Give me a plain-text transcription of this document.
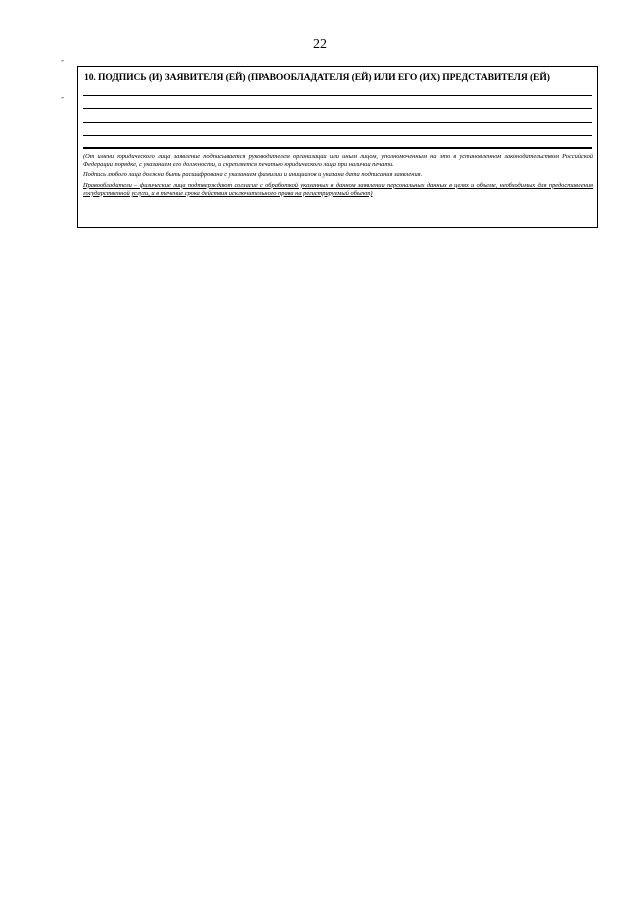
22
-
-
10. ПОДПИСЬ (И) ЗАЯВИТЕЛЯ (ЕЙ) (ПРАВООБЛАДАТЕЛЯ (ЕЙ) ИЛИ ЕГО (ИХ) ПРЕДСТАВИТЕЛЯ (ЕЙ)

(От имени юридического лица заявление подписывается руководителем организации или иным лицом, уполномоченным на это в установленном законодательством Российской Федерации порядке, с указанием его должности, и скрепляется печатью юридического лица при наличии печати.

Подпись любого лица должна быть расшифрована с указанием фамилии и инициалов и указана дата подписания заявления.

Правообладатели – физические лица подтверждают согласие с обработкой указанных в данном заявлении персональных данных в целях и объеме, необходимых для предоставления государственной услуги, и в течение срока действия исключительного права на регистрируемый объект)
